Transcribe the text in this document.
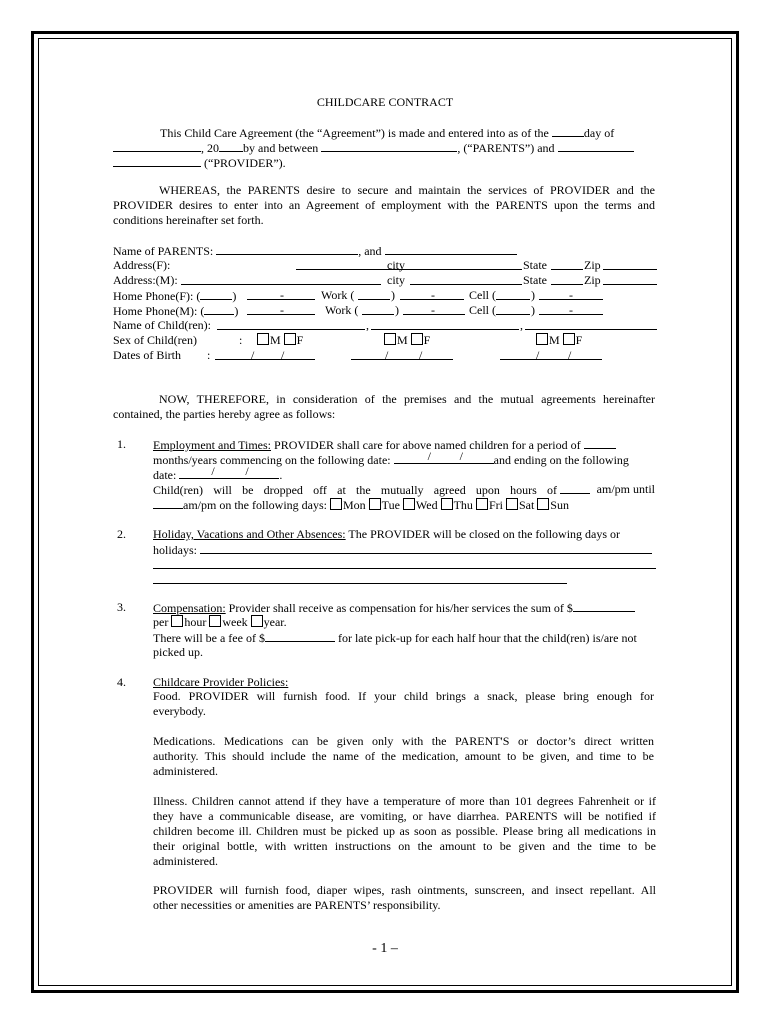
CHILDCARE CONTRACT
This Child Care Agreement (the “Agreement”) is made and entered into as of the	day of
, 20 by and between	, (“PARENTS”) and
(“PROVIDER”).
WHEREAS, the PARENTS desire to secure and maintain the services of PROVIDER and the
PROVIDER desires to enter into an Agreement of employment with the PARENTS upon the terms and
conditions hereinafter set forth.
Name of PARENTS:	, and
Address(F):	city	State	Zip
Address:(M):	city	State	Zip
Home Phone(F): (	)	-	Work (	)	-	Cell (	)	-
Home Phone(M): (	)	-	Work (	)	-	Cell (	)	-
Name of Child(ren):	,	,
Sex of Child(ren)	:	M F	M F	M F
Dates of Birth :	/ /	/	/	/ /
NOW, THEREFORE, in consideration of the premises and the mutual agreements hereinafter
contained, the parties hereby agree as follows:
1. Employment and Times: PROVIDER shall care for above named children for a period of
months/years commencing on the following date:	/ /	and ending on the following
date:	/	/	.
Child(ren) will be dropped off at the mutually agreed upon hours of	am/pm until
am/pm on the following days: Mon Tue Wed Thu Fri Sat Sun
2. Holiday, Vacations and Other Absences: The PROVIDER will be closed on the following days or
holidays:
3. Compensation: Provider shall receive as compensation for his/her services the sum of $
per hour week year.
There will be a fee of $	for late pick-up for each half hour that the child(ren) is/are not
picked up.
4. Childcare Provider Policies:
Food. PROVIDER will furnish food. If your child brings a snack, please bring enough for
everybody.
Medications. Medications can be given only with the PARENT'S or doctor’s direct written
authority. This should include the name of the medication, amount to be given, and time to be
administered.
Illness. Children cannot attend if they have a temperature of more than 101 degrees Fahrenheit or if
they have a communicable disease, are vomiting, or have diarrhea. PARENTS will be notified if
children become ill. Children must be picked up as soon as possible. Please bring all medications in
their original bottle, with written instructions on the amount to be given and the time to be
administered.
PROVIDER will furnish food, diaper wipes, rash ointments, sunscreen, and insect repellant. All
other necessities or amenities are PARENTS’ responsibility.
- 1 –
